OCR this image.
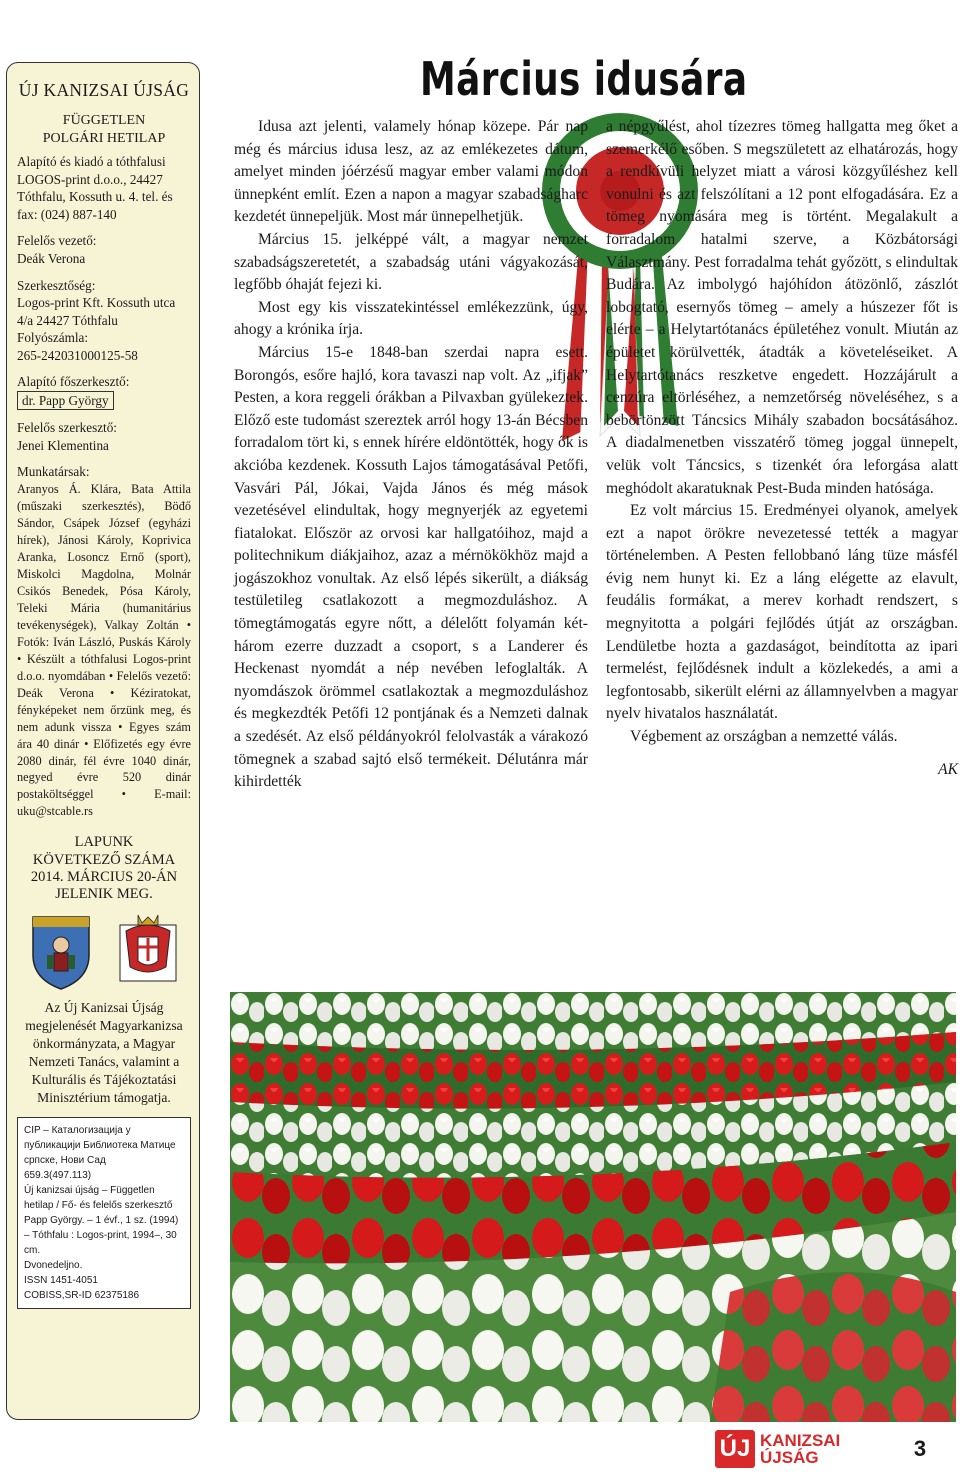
ÚJ KANIZSAI ÚJSÁG
FÜGGETLEN
POLGÁRI HETILAP

Alapító és kiadó a tóthfalusi LOGOS-print d.o.o., 24427 Tóthfalu, Kossuth u. 4. tel. és fax: (024) 887-140

Felelős vezető:

Deák Verona

Szerkesztőség:

Logos-print Kft. Kossuth utca 4/a 24427 Tóthfalu

Folyószámla:

265-242031000125-58

Alapító főszerkesztő:

dr. Papp György

Felelős szerkesztő:

Jenei Klementina

Munkatársak:

Aranyos Á. Klára, Bata Attila (műszaki szerkesztés), Böđő Sándor, Csápek József (egyházi hírek), Jánosi Károly, Koprivica Aranka, Losoncz Ernő (sport), Miskolci Magdolna, Molnár Csikós Benedek, Pósa Károly, Teleki Mária (humanitárius tevékenységek), Valkay Zoltán • Fotók: Iván László, Puskás Károly • Készült a tóthfalusi Logos-print d.o.o. nyomdában • Felelős vezető: Deák Verona • Kéziratokat, fényképeket nem őrzünk meg, és nem adunk vissza • Egyes szám ára 40 dinár • Előfizetés egy évre 2080 dinár, fél évre 1040 dinár, negyed évre 520 dinár postaköltséggel • E-mail: uku@stcable.rs

LAPUNK
KÖVETKEZŐ SZÁMA
2014. MÁRCIUS 20-ÁN
JELENIK MEG.

Az Új Kanizsai Újság megjelenését Magyarkanizsa önkormányzata, a Magyar Nemzeti Tanács, valamint a Kulturális és Tájékoztatási Minisztérium támogatja.

CIP – Каталогизација у публикацији Библиотека Матице српске, Нови Сад
659.3(497.113)
Új kanizsai újság – Független hetilap / Fő- és felelős szerkesztő Papp György. – 1 évf., 1 sz. (1994) – Tóthfalu : Logos-print, 1994–, 30 cm.
Dvonedeljno.
ISSN 1451-4051
COBISS,SR-ID 62375186
Március idusára

Idusa azt jelenti, valamely hónap közepe. Pár nap még és március idusa lesz, az az emlékezetes dátum, amelyet minden jóérzésű magyar ember valami módon ünnepként említ. Ezen a napon a magyar szabadságharc kezdetét ünnepeljük. Most már ünnepelhetjük.

Március 15. jelképpé vált, a magyar nemzet szabadságszeretetét, a szabadság utáni vágyakozását, legfőbb óhaját fejezi ki.

Most egy kis visszatekintéssel emlékezzünk, úgy, ahogy a krónika írja.

Március 15-e 1848-ban szerdai napra esett. Borongós, esőre hajló, kora tavaszi nap volt. Az „ifjak” Pesten, a kora reggeli órákban a Pilvaxban gyülekeztek. Előző este tudomást szereztek arról hogy 13-án Bécsben forradalom tört ki, s ennek hírére eldöntötték, hogy ők is akcióba kezdenek. Kossuth Lajos támogatásával Petőfi, Vasvári Pál, Jókai, Vajda János és még mások vezetésével elindultak, hogy megnyerjék az egyetemi fiatalokat. Először az orvosi kar hallgatóihoz, majd a politechnikum diákjaihoz, azaz a mérnökökhöz majd a jogászokhoz vonultak. Az első lépés sikerült, a diákság testületileg csatlakozott a megmozduláshoz. A tömegtámogatás egyre nőtt, a délelőtt folyamán két-három ezerre duzzadt a csoport, s a Landerer és Heckenast nyomdát a nép nevében lefoglalták. A nyomdászok örömmel csatlakoztak a megmozduláshoz és megkezdték Petőfi 12 pontjának és a Nemzeti dalnak a szedését. Az első példányokról felolvasták a várakozó tömegnek a szabad sajtó első termékeit. Délutánra már kihirdették

a népgyűlést, ahol tízezres tömeg hallgatta meg őket a szemerkélő esőben. S megszületett az elhatározás, hogy a rendkívüli helyzet miatt a városi közgyűléshez kell vonulni és azt felszólítani a 12 pont elfogadására. Ez a tömeg nyomására meg is történt. Megalakult a forradalom hatalmi szerve, a Közbátorsági Választmány. Pest forradalma tehát győzött, s elindultak Budára. Az imbolygó hajóhídon átözönlő, zászlót lobogtató, esernyős tömeg – amely a húszezer főt is elérte – a Helytartótanács épületéhez vonult. Miután az épületet körülvették, átadták a követeléseiket. A Helytartótanács reszketve engedett. Hozzájárult a cenzúra eltörléséhez, a nemzetőrség növeléséhez, s a bebörtönzött Táncsics Mihály szabadon bocsátásához. A diadalmenetben visszatérő tömeg joggal ünnepelt, velük volt Táncsics, s tizenkét óra leforgása alatt meghódolt akaratuknak Pest-Buda minden hatósága.

Ez volt március 15. Eredményei olyanok, amelyek ezt a napot örökre nevezetessé tették a magyar történelemben. A Pesten fellobbanó láng tüze másfél évig nem hunyt ki. Ez a láng elégette az elavult, feudális formákat, a merev korhadt rendszert, s megnyitotta a polgári fejlődés útját az országban. Lendületbe hozta a gazdaságot, beindította az ipari termelést, fejlődésnek indult a közlekedés, a ami a legfontosabb, sikerült elérni az államnyelvben a magyar nyelv hivatalos használatát.

Végbement az országban a nemzetté válás.

AK

ÚJ KANIZSAI
ÚJSÁG	3
